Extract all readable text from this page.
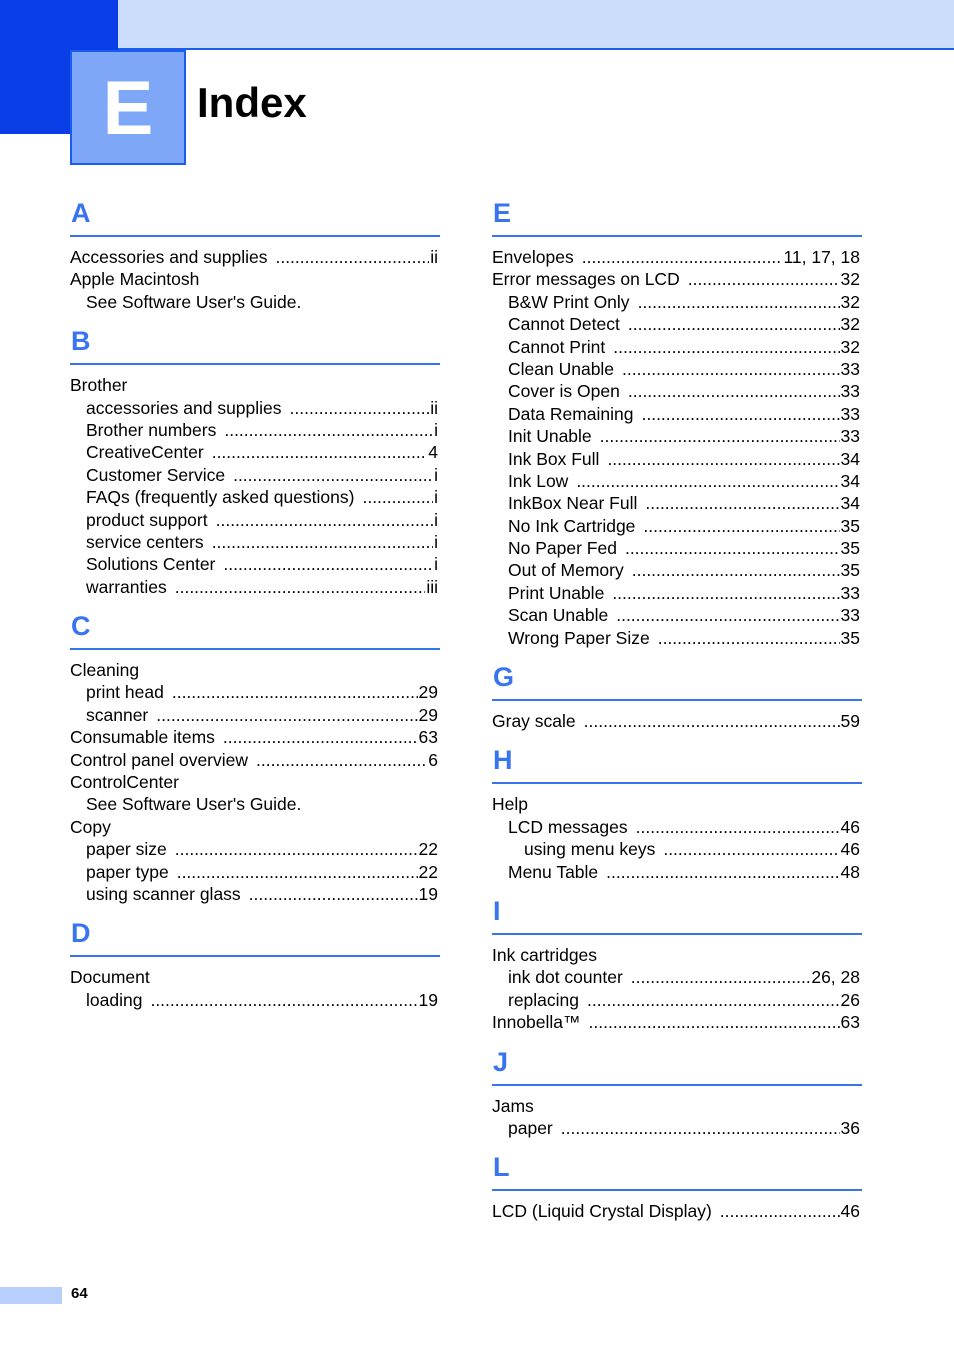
E	Index
A
Accessories and supplies .....	ii
Apple Macintosh
See Software User's Guide.
B
Brother
accessories and supplies .....	ii
Brother numbers .....	i
CreativeCenter .....	4
Customer Service .....	i
FAQs (frequently asked questions) .....	i
product support .....	i
service centers .....	i
Solutions Center .....	i
warranties .....	iii
C
Cleaning
print head .....	29
scanner .....	29
Consumable items .....	63
Control panel overview .....	6
ControlCenter
See Software User's Guide.
Copy
paper size .....	22
paper type .....	22
using scanner glass .....	19
D
Document
loading .....	19
E
Envelopes .....	11, 17, 18
Error messages on LCD .....	32
B&W Print Only .....	32
Cannot Detect .....	32
Cannot Print .....	32
Clean Unable .....	33
Cover is Open .....	33
Data Remaining .....	33
Init Unable .....	33
Ink Box Full .....	34
Ink Low .....	34
InkBox Near Full .....	34
No Ink Cartridge .....	35
No Paper Fed .....	35
Out of Memory .....	35
Print Unable .....	33
Scan Unable .....	33
Wrong Paper Size .....	35
G
Gray scale .....	59
H
Help
LCD messages .....	46
using menu keys .....	46
Menu Table .....	48
I
Ink cartridges
ink dot counter .....	26, 28
replacing .....	26
Innobella™ .....	63
J
Jams
paper .....	36
L
LCD (Liquid Crystal Display) .....	46
64
